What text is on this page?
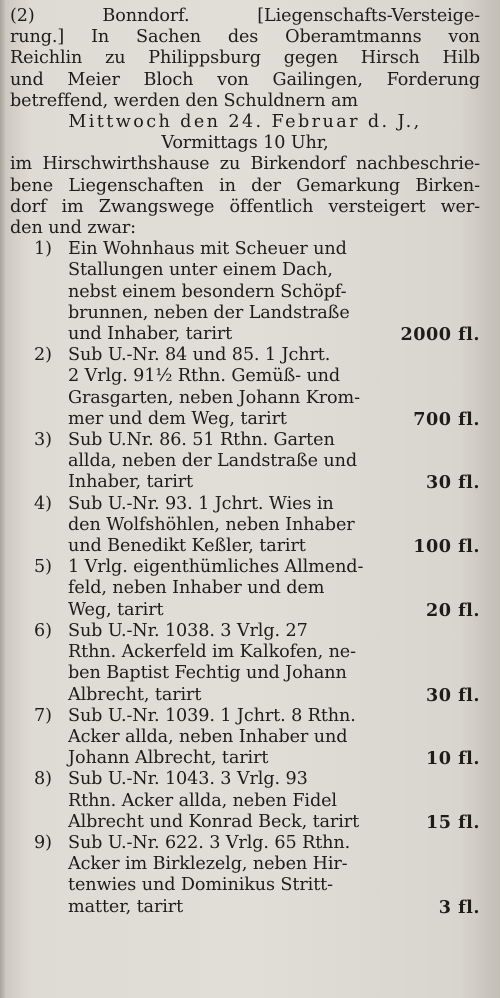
(2) Bonndorf. [Liegenschafts-Versteige-
rung.] In Sachen des Oberamtmanns von
Reichlin zu Philippsburg gegen Hirsch Hilb
und Meier Bloch von Gailingen, Forderung
betreffend, werden den Schuldnern am
Mittwoch den 24. Februar d. J.,
Vormittags 10 Uhr,
im Hirschwirthshause zu Birkendorf nachbeschrie-
bene Liegenschaften in der Gemarkung Birken-
dorf im Zwangswege öffentlich versteigert wer-
den und zwar:
1) Ein Wohnhaus mit Scheuer und
Stallungen unter einem Dach,
nebst einem besondern Schöpf-
brunnen, neben der Landstraße
und Inhaber, tarirt	2000 fl.
2) Sub U.-Nr. 84 und 85. 1 Jchrt.
2 Vrlg. 91½ Rthn. Gemüß- und
Grasgarten, neben Johann Krom-
mer und dem Weg, tarirt	700 fl.
3) Sub U.Nr. 86. 51 Rthn. Garten
allda, neben der Landstraße und
Inhaber, tarirt	30 fl.
4) Sub U.-Nr. 93. 1 Jchrt. Wies in
den Wolfshöhlen, neben Inhaber
und Benedikt Keßler, tarirt	100 fl.
5) 1 Vrlg. eigenthümliches Allmend-
feld, neben Inhaber und dem
Weg, tarirt	20 fl.
6) Sub U.-Nr. 1038. 3 Vrlg. 27
Rthn. Ackerfeld im Kalkofen, ne-
ben Baptist Fechtig und Johann
Albrecht, tarirt	30 fl.
7) Sub U.-Nr. 1039. 1 Jchrt. 8 Rthn.
Acker allda, neben Inhaber und
Johann Albrecht, tarirt	10 fl.
8) Sub U.-Nr. 1043. 3 Vrlg. 93
Rthn. Acker allda, neben Fidel
Albrecht und Konrad Beck, tarirt	15 fl.
9) Sub U.-Nr. 622. 3 Vrlg. 65 Rthn.
Acker im Birklezelg, neben Hir-
tenwies und Dominikus Stritt-
matter, tarirt	3 fl.
